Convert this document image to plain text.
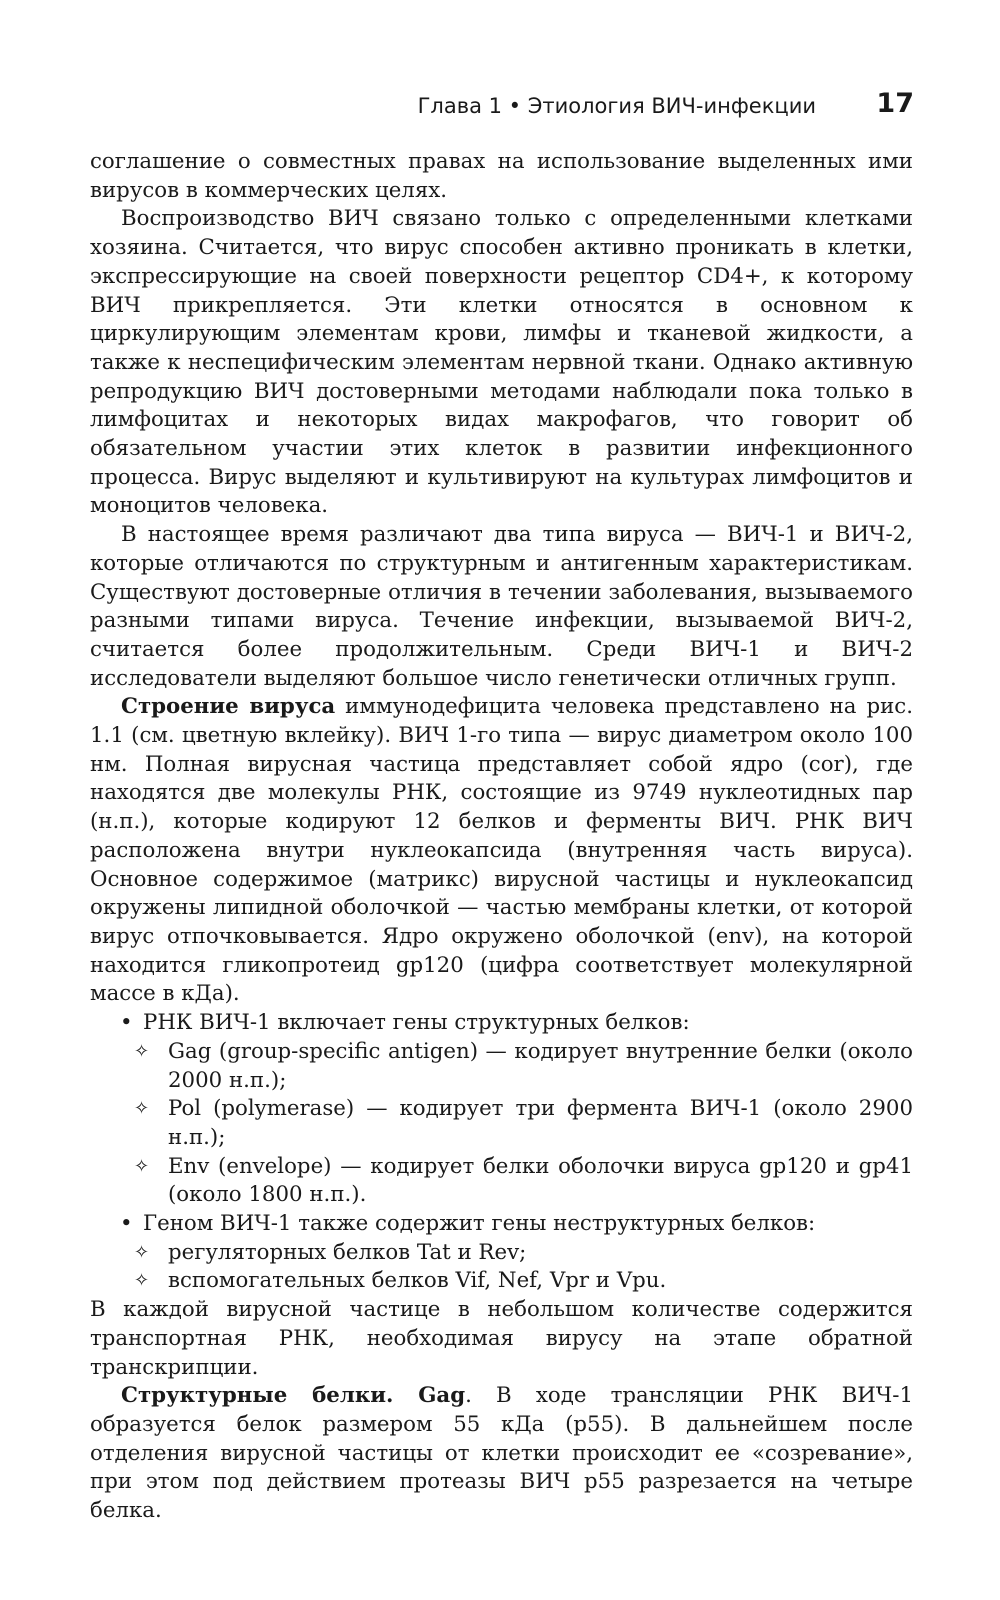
Глава 1 • Этиология ВИЧ-инфекции 17

соглашение о совместных правах на использование выделенных ими вирусов в коммерческих целях.

Воспроизводство ВИЧ связано только с определенными клетками хозяина. Считается, что вирус способен активно проникать в клетки, экспрессирующие на своей поверхности рецептор CD4+, к которому ВИЧ прикрепляется. Эти клетки относятся в основном к циркулирующим элементам крови, лимфы и тканевой жидкости, а также к неспецифическим элементам нервной ткани. Однако активную репродукцию ВИЧ достоверными методами наблюдали пока только в лимфоцитах и некоторых видах макрофагов, что говорит об обязательном участии этих клеток в развитии инфекционного процесса. Вирус выделяют и культивируют на культурах лимфоцитов и моноцитов человека.

В настоящее время различают два типа вируса — ВИЧ-1 и ВИЧ-2, которые отличаются по структурным и антигенным характеристикам. Существуют достоверные отличия в течении заболевания, вызываемого разными типами вируса. Течение инфекции, вызываемой ВИЧ-2, считается более продолжительным. Среди ВИЧ-1 и ВИЧ-2 исследователи выделяют большое число генетически отличных групп.

Строение вируса иммунодефицита человека представлено на рис. 1.1 (см. цветную вклейку). ВИЧ 1-го типа — вирус диаметром около 100 нм. Полная вирусная частица представляет собой ядро (cor), где находятся две молекулы РНК, состоящие из 9749 нуклеотидных пар (н.п.), которые кодируют 12 белков и ферменты ВИЧ. РНК ВИЧ расположена внутри нуклеокапсида (внутренняя часть вируса). Основное содержимое (матрикс) вирусной частицы и нуклеокапсид окружены липидной оболочкой — частью мембраны клетки, от которой вирус отпочковывается. Ядро окружено оболочкой (env), на которой находится гликопротеид gp120 (цифра соответствует молекулярной массе в кДа).

• РНК ВИЧ-1 включает гены структурных белков:
✧ Gag (group-specific antigen) — кодирует внутренние белки (около 2000 н.п.);
✧ Pol (polymerase) — кодирует три фермента ВИЧ-1 (около 2900 н.п.);
✧ Env (envelope) — кодирует белки оболочки вируса gp120 и gp41 (около 1800 н.п.).
• Геном ВИЧ-1 также содержит гены неструктурных белков:
✧ регуляторных белков Tat и Rev;
✧ вспомогательных белков Vif, Nef, Vpr и Vpu.

В каждой вирусной частице в небольшом количестве содержится транспортная РНК, необходимая вирусу на этапе обратной транскрипции.

Структурные белки. Gag. В ходе трансляции РНК ВИЧ-1 образуется белок размером 55 кДа (p55). В дальнейшем после отделения вирусной частицы от клетки происходит ее «созревание», при этом под действием протеазы ВИЧ p55 разрезается на четыре белка.
